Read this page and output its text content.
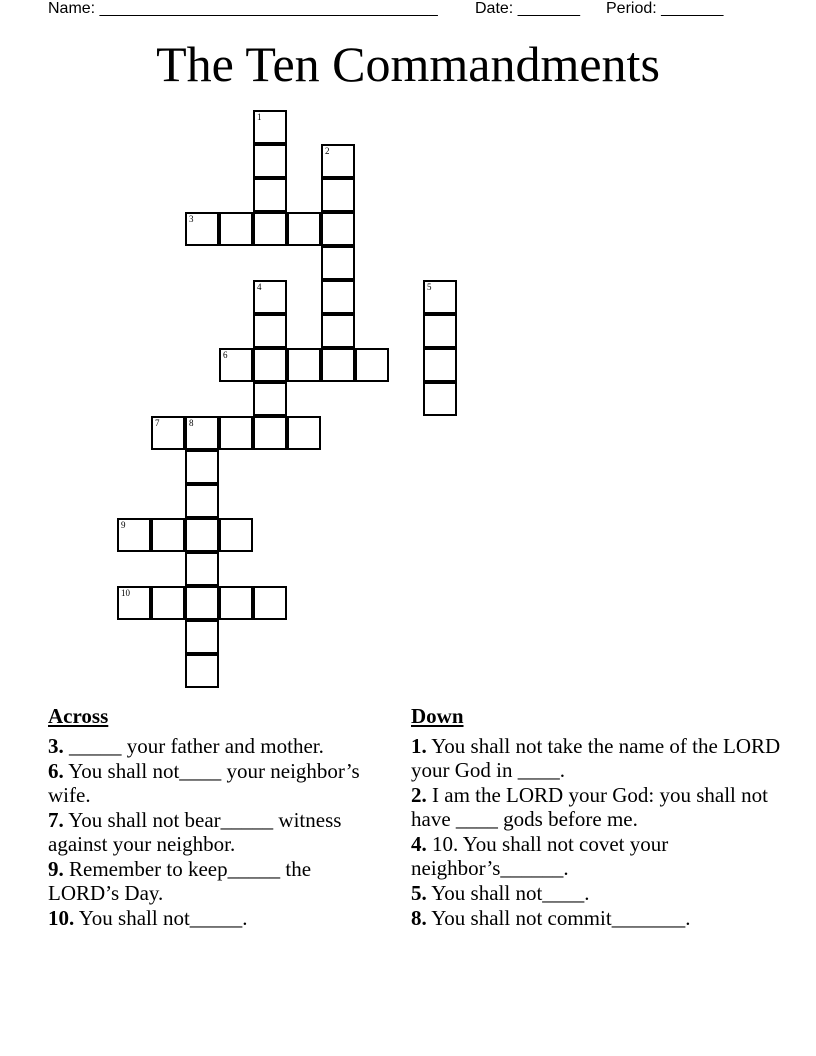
Name: ______________________________________ Date: _______ Period: _______
The Ten Commandments
1
2
3
4	5
6
7	8
9
10
Across
3. _____ your father and mother.
6. You shall not____ your neighbor’s wife.
7. You shall not bear_____ witness against your neighbor.
9. Remember to keep_____ the LORD’s Day.
10. You shall not_____.
Down
1. You shall not take the name of the LORD your God in ____.
2. I am the LORD your God: you shall not have ____ gods before me.
4. 10. You shall not covet your neighbor’s______.
5. You shall not____.
8. You shall not commit_______.
